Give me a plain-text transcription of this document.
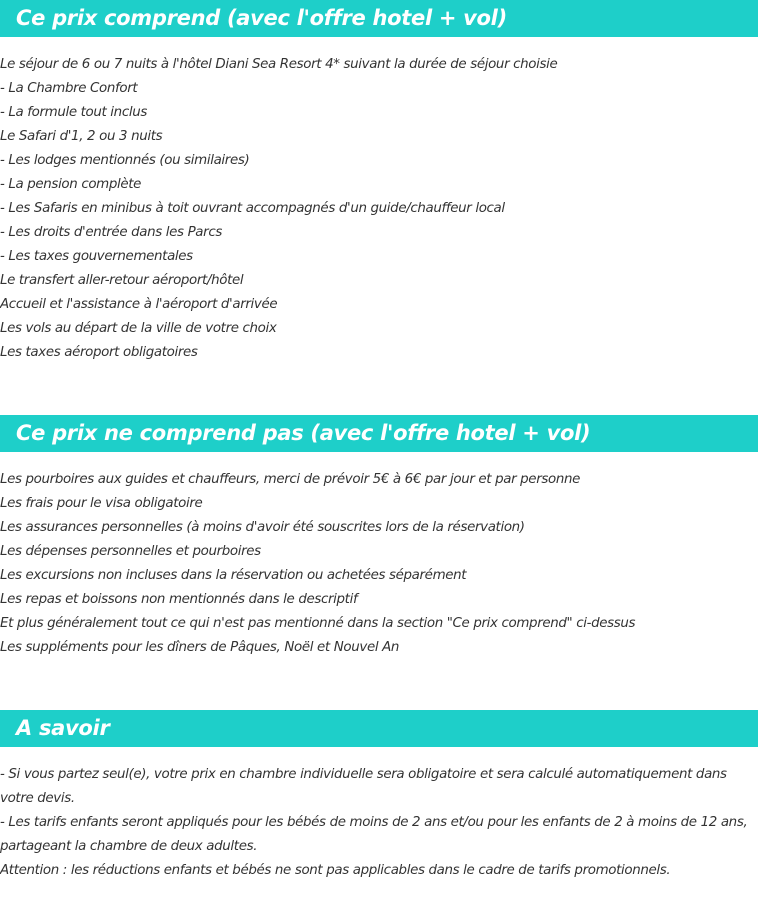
Ce prix comprend (avec l'offre hotel + vol)
Le séjour de 6 ou 7 nuits à l'hôtel Diani Sea Resort 4* suivant la durée de séjour choisie
- La Chambre Confort
- La formule tout inclus
Le Safari d'1, 2 ou 3 nuits
- Les lodges mentionnés (ou similaires)
- La pension complète
- Les Safaris en minibus à toit ouvrant accompagnés d'un guide/chauffeur local
- Les droits d'entrée dans les Parcs
- Les taxes gouvernementales
Le transfert aller-retour aéroport/hôtel
Accueil et l'assistance à l'aéroport d'arrivée
Les vols au départ de la ville de votre choix
Les taxes aéroport obligatoires
Ce prix ne comprend pas (avec l'offre hotel + vol)
Les pourboires aux guides et chauffeurs, merci de prévoir 5€ à 6€ par jour et par personne
Les frais pour le visa obligatoire
Les assurances personnelles (à moins d'avoir été souscrites lors de la réservation)
Les dépenses personnelles et pourboires
Les excursions non incluses dans la réservation ou achetées séparément
Les repas et boissons non mentionnés dans le descriptif
Et plus généralement tout ce qui n'est pas mentionné dans la section "Ce prix comprend" ci-dessus
Les suppléments pour les dîners de Pâques, Noël et Nouvel An
A savoir
- Si vous partez seul(e), votre prix en chambre individuelle sera obligatoire et sera calculé automatiquement dans votre devis.
- Les tarifs enfants seront appliqués pour les bébés de moins de 2 ans et/ou pour les enfants de 2 à moins de 12 ans, partageant la chambre de deux adultes.
Attention : les réductions enfants et bébés ne sont pas applicables dans le cadre de tarifs promotionnels.
